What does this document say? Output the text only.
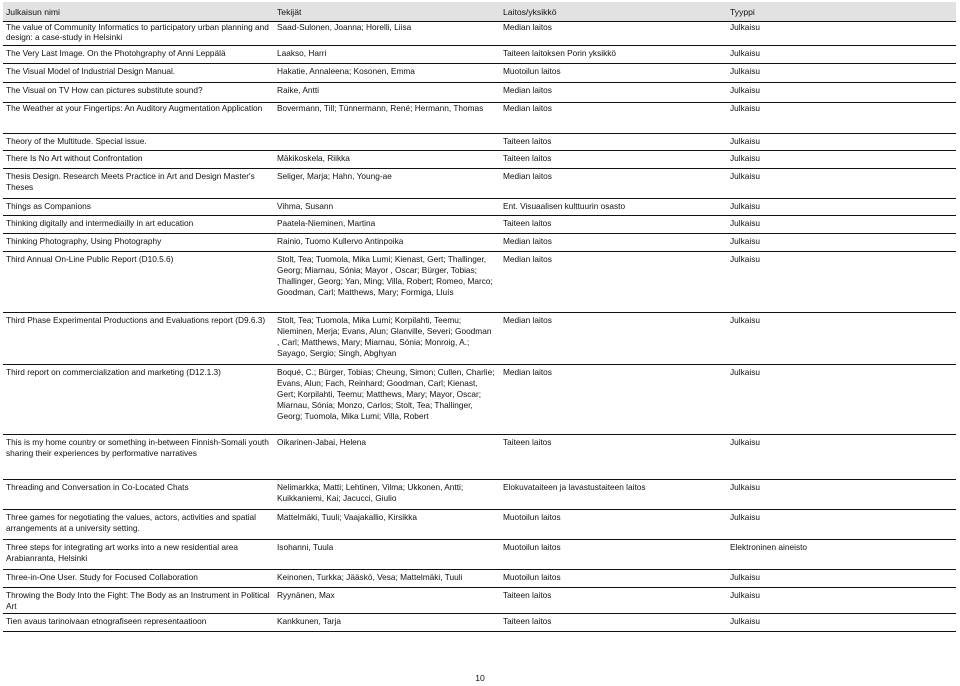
Julkaisun nimi	Tekijät	Laitos/yksikkö	Tyyppi
The value of Community Informatics to participatory urban planning and design: a case-study in Helsinki	Saad-Sulonen, Joanna; Horelli, Liisa	Median laitos	Julkaisu
The Very Last Image. On the Photohgraphy of Anni Leppälä	Laakso, Harri	Taiteen laitoksen Porin yksikkö	Julkaisu
The Visual Model of Industrial Design Manual.	Hakatie, Annaleena; Kosonen, Emma	Muotoilun laitos	Julkaisu
The Visual on TV How can pictures substitute sound?	Raike, Antti	Median laitos	Julkaisu
The Weather at your Fingertips: An Auditory Augmentation Application	Bovermann, Till; Tünnermann, René; Hermann, Thomas	Median laitos	Julkaisu
Theory of the Multitude. Special issue.		Taiteen laitos	Julkaisu
There Is No Art without Confrontation	Mäkikoskela, Riikka	Taiteen laitos	Julkaisu
Thesis Design. Research Meets Practice in Art and Design Master's Theses	Seliger, Marja; Hahn, Young-ae	Median laitos	Julkaisu
Things as Companions	Vihma, Susann	Ent. Visuaalisen kulttuurin osasto	Julkaisu
Thinking digitally and intermediailly in art education	Paatela-Nieminen, Martina	Taiteen laitos	Julkaisu
Thinking Photography, Using Photography	Rainio, Tuomo Kullervo Antinpoika	Median laitos	Julkaisu
Third Annual On-Line Public Report (D10.5.6)	Stolt, Tea; Tuomola, Mika Lumi; Kienast, Gert; Thallinger, Georg; Miarnau, Sónia; Mayor , Oscar; Bürger, Tobias; Thallinger, Georg; Yan, Ming; Villa, Robert; Romeo, Marco; Goodman, Carl; Matthews, Mary; Formiga, Lluís	Median laitos	Julkaisu
Third Phase Experimental Productions and Evaluations report (D9.6.3)	Stolt, Tea; Tuomola, Mika Lumi; Korpilahti, Teemu; Nieminen, Merja; Evans, Alun; Glanville, Severi; Goodman , Carl; Matthews, Mary; Miarnau, Sónia; Monroig, A.; Sayago, Sergio; Singh, Abghyan	Median laitos	Julkaisu
Third report on commercialization and marketing (D12.1.3)	Boqué, C.; Bürger, Tobias; Cheung, Simon; Cullen, Charlie; Evans, Alun; Fach, Reinhard; Goodman, Carl; Kienast, Gert; Korpilahti, Teemu; Matthews, Mary; Mayor, Oscar; Miarnau, Sónia; Monzo, Carlos; Stolt, Tea; Thallinger, Georg; Tuomola, Mika Lumi; Villa, Robert	Median laitos	Julkaisu
This is my home country or something in-between Finnish-Somali youth sharing their experiences by performative narratives	Oikarinen-Jabai, Helena	Taiteen laitos	Julkaisu
Threading and Conversation in Co-Located Chats	Nelimarkka, Matti; Lehtinen, Vilma; Ukkonen, Antti; Kuikkaniemi, Kai; Jacucci, Giulio	Elokuvataiteen ja lavastustaiteen laitos	Julkaisu
Three games for negotiating the values, actors, activities and spatial arrangements at a university setting.	Mattelmäki, Tuuli; Vaajakallio, Kirsikka	Muotoilun laitos	Julkaisu
Three steps for integrating art works into a new residential area Arabianranta, Helsinki	Isohanni, Tuula	Muotoilun laitos	Elektroninen aineisto
Three-in-One User. Study for Focused Collaboration	Keinonen, Turkka; Jääskö, Vesa; Mattelmäki, Tuuli	Muotoilun laitos	Julkaisu
Throwing the Body Into the Fight: The Body as an Instrument in Political Art	Ryynänen, Max	Taiteen laitos	Julkaisu
Tien avaus tarinoivaan etnografiseen representaatioon	Kankkunen, Tarja	Taiteen laitos	Julkaisu
10
